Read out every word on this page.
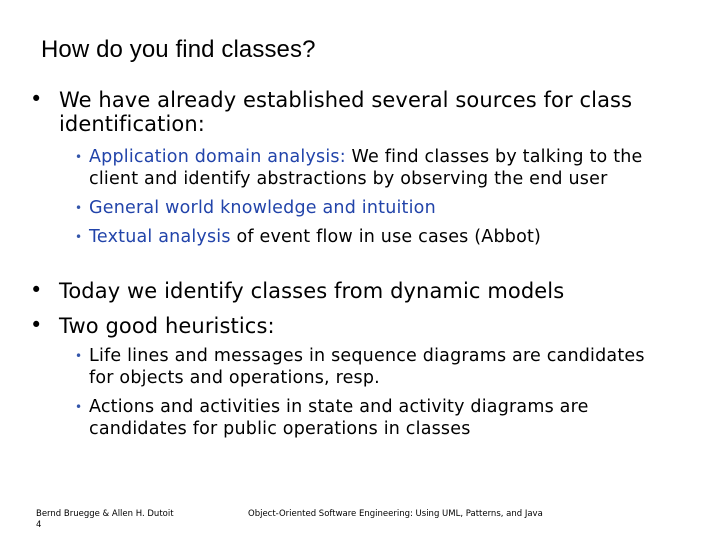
How do you find classes?
• We have already established several sources for class identification:
• Application domain analysis: We find classes by talking to the client and identify abstractions by observing the end user
• General world knowledge and intuition
• Textual analysis of event flow in use cases (Abbot)
• Today we identify classes from dynamic models
• Two good heuristics:
• Life lines and messages in sequence diagrams are candidates for objects and operations, resp.
• Actions and activities in state and activity diagrams are candidates for public operations in classes
Bernd Bruegge & Allen H. Dutoit
4
Object-Oriented Software Engineering: Using UML, Patterns, and Java
